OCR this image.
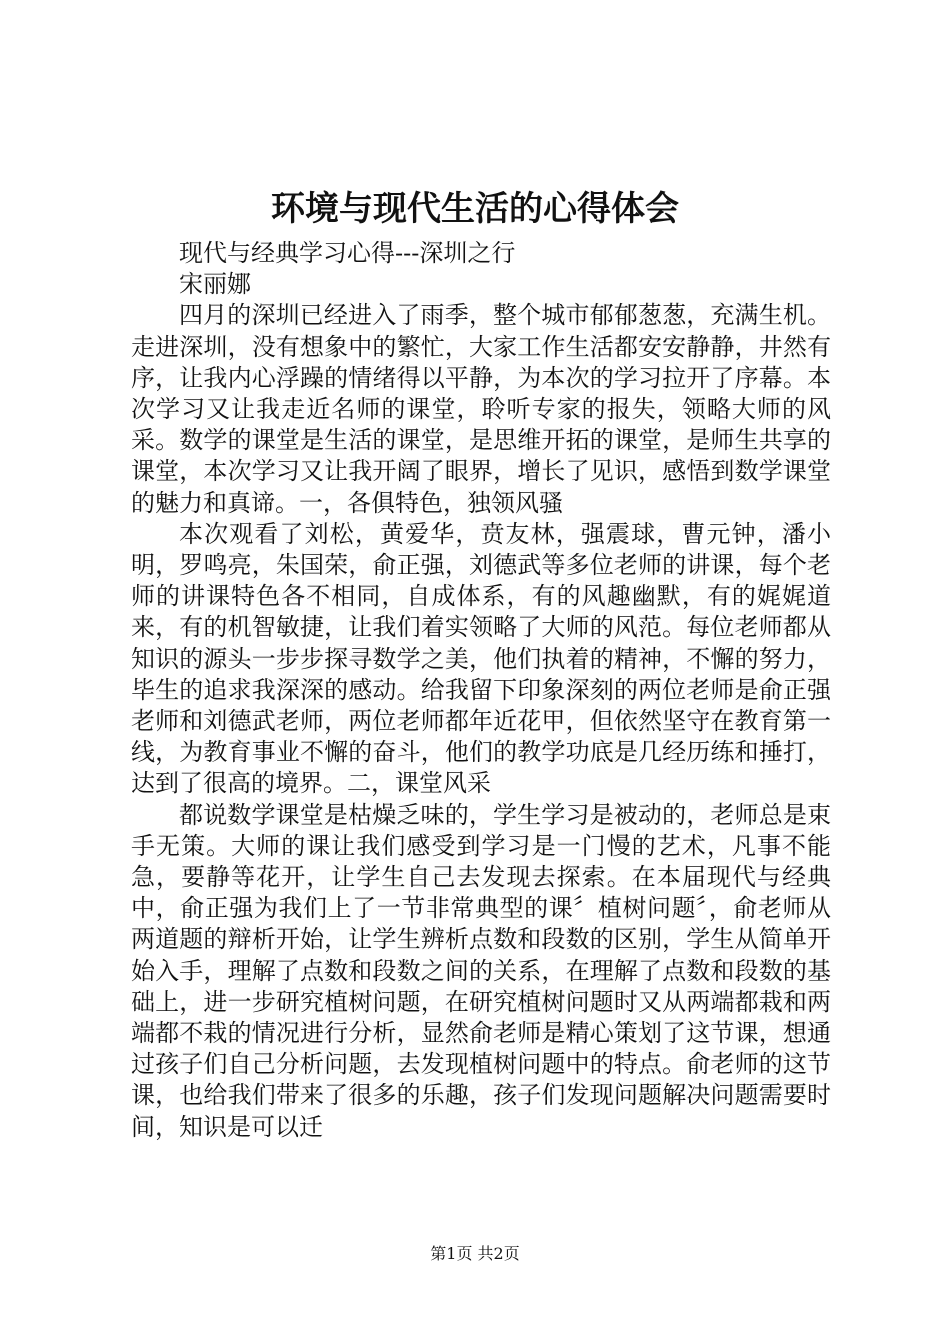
环境与现代生活的心得体会

现代与经典学习心得---深圳之行

宋丽娜

四月的深圳已经进入了雨季，整个城市郁郁葱葱，充满生机。走进深圳，没有想象中的繁忙，大家工作生活都安安静静，井然有序，让我内心浮躁的情绪得以平静，为本次的学习拉开了序幕。本次学习又让我走近名师的课堂，聆听专家的报失，领略大师的风采。数学的课堂是生活的课堂，是思维开拓的课堂，是师生共享的课堂，本次学习又让我开阔了眼界，增长了见识，感悟到数学课堂的魅力和真谛。一，各俱特色，独领风骚

本次观看了刘松，黄爱华，贲友林，强震球，曹元钟，潘小明，罗鸣亮，朱国荣，俞正强，刘德武等多位老师的讲课，每个老师的讲课特色各不相同，自成体系，有的风趣幽默，有的娓娓道来，有的机智敏捷，让我们着实领略了大师的风范。每位老师都从知识的源头一步步探寻数学之美，他们执着的精神，不懈的努力，毕生的追求我深深的感动。给我留下印象深刻的两位老师是俞正强老师和刘德武老师，两位老师都年近花甲，但依然坚守在教育第一线，为教育事业不懈的奋斗，他们的教学功底是几经历练和捶打，达到了很高的境界。二，课堂风采

都说数学课堂是枯燥乏味的，学生学习是被动的，老师总是束手无策。大师的课让我们感受到学习是一门慢的艺术，凡事不能急，要静等花开，让学生自己去发现去探索。在本届现代与经典中，俞正强为我们上了一节非常典型的课〞植树问题〞，俞老师从两道题的辩析开始，让学生辨析点数和段数的区别，学生从简单开始入手，理解了点数和段数之间的关系，在理解了点数和段数的基础上，进一步研究植树问题，在研究植树问题时又从两端都栽和两端都不栽的情况进行分析，显然俞老师是精心策划了这节课，想通过孩子们自己分析问题，去发现植树问题中的特点。俞老师的这节课，也给我们带来了很多的乐趣，孩子们发现问题解决问题需要时间，知识是可以迁

第1页 共2页
